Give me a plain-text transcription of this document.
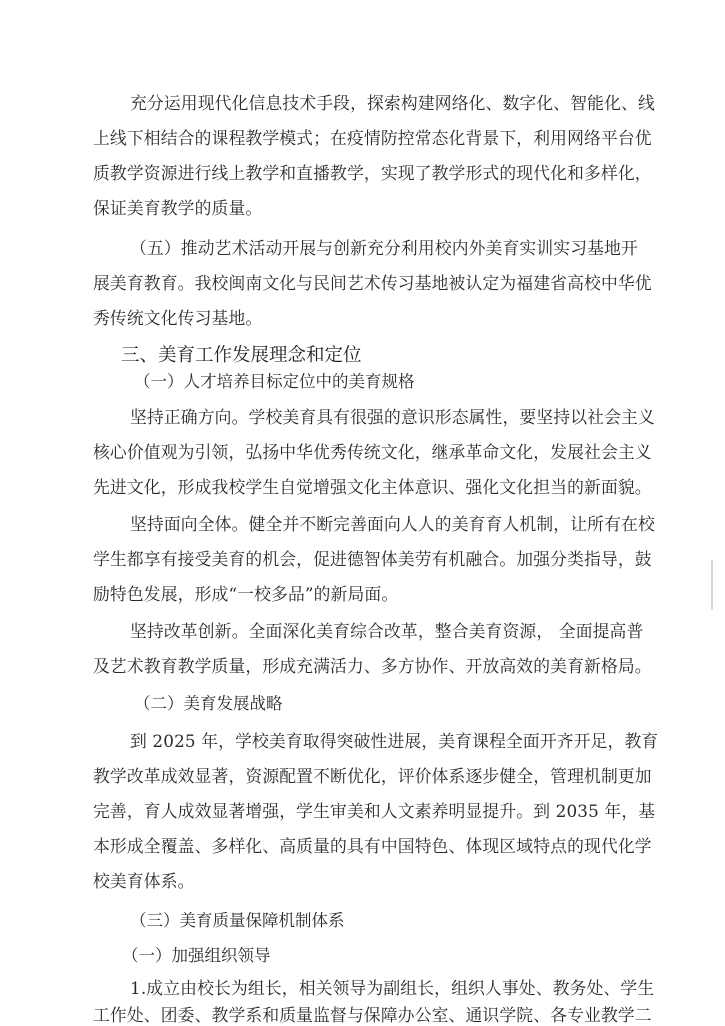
充分运用现代化信息技术手段，探索构建网络化、数字化、智能化、线
上线下相结合的课程教学模式；在疫情防控常态化背景下，利用网络平台优
质教学资源进行线上教学和直播教学，实现了教学形式的现代化和多样化，
保证美育教学的质量。
（五）推动艺术活动开展与创新充分利用校内外美育实训实习基地开
展美育教育。我校闽南文化与民间艺术传习基地被认定为福建省高校中华优
秀传统文化传习基地。
三、美育工作发展理念和定位
（一）人才培养目标定位中的美育规格
坚持正确方向。学校美育具有很强的意识形态属性，要坚持以社会主义
核心价值观为引领，弘扬中华优秀传统文化，继承革命文化，发展社会主义
先进文化，形成我校学生自觉增强文化主体意识、强化文化担当的新面貌。
坚持面向全体。健全并不断完善面向人人的美育育人机制，让所有在校
学生都享有接受美育的机会，促进德智体美劳有机融合。加强分类指导，鼓
励特色发展，形成“一校多品”的新局面。
坚持改革创新。全面深化美育综合改革，整合美育资源， 全面提高普
及艺术教育教学质量，形成充满活力、多方协作、开放高效的美育新格局。
（二）美育发展战略
到 2025 年，学校美育取得突破性进展，美育课程全面开齐开足，教育
教学改革成效显著，资源配置不断优化，评价体系逐步健全，管理机制更加
完善，育人成效显著增强，学生审美和人文素养明显提升。到 2035 年，基
本形成全覆盖、多样化、高质量的具有中国特色、体现区域特点的现代化学
校美育体系。
（三）美育质量保障机制体系
（一）加强组织领导
1.成立由校长为组长，相关领导为副组长，组织人事处、教务处、学生
工作处、团委、教学系和质量监督与保障办公室、通识学院、各专业教学二
